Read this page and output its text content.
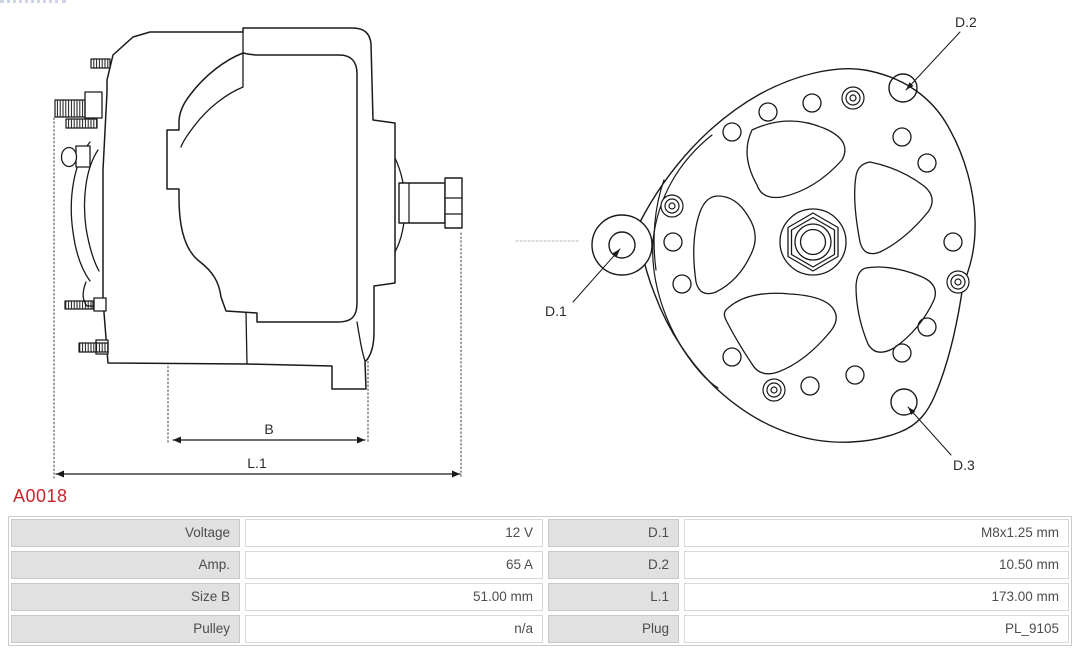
B
L.1
D.2
D.1
D.3
A0018
Voltage	12 V	D.1	M8x1.25 mm
Amp.	65 A	D.2	10.50 mm
Size B	51.00 mm	L.1	173.00 mm
Pulley	n/a	Plug	PL_9105
